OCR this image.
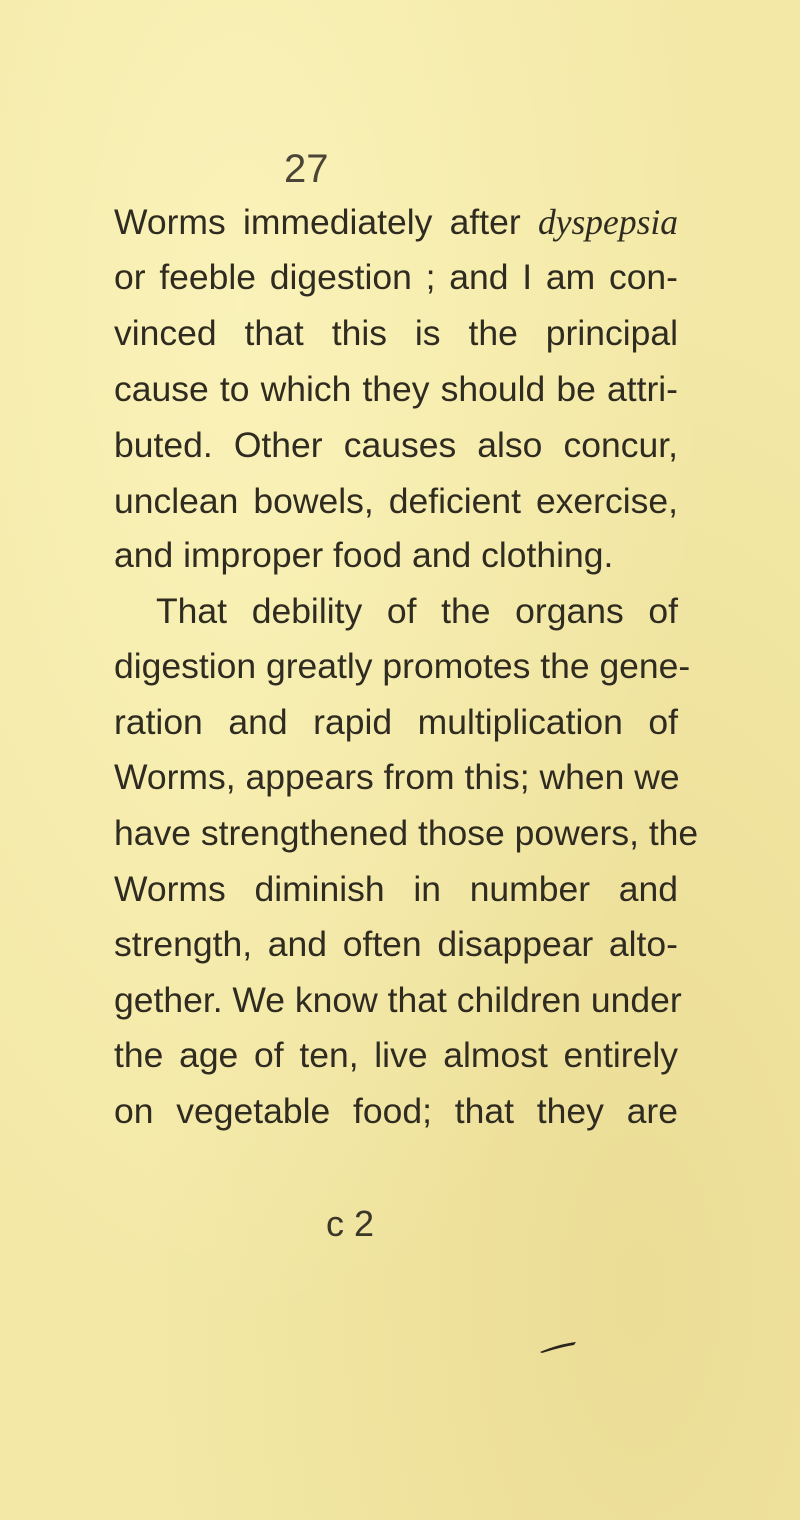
27
Worms immediately after dyspepsia
or feeble digestion ; and I am con-
vinced that this is the principal
cause to which they should be attri-
buted. Other causes also concur,
unclean bowels, deficient exercise,
and improper food and clothing.
That debility of the organs of
digestion greatly promotes the gene-
ration and rapid multiplication of
Worms, appears from this; when we
have strengthened those powers, the
Worms diminish in number and
strength, and often disappear alto-
gether. We know that children under
the age of ten, live almost entirely
on vegetable food; that they are
c 2
